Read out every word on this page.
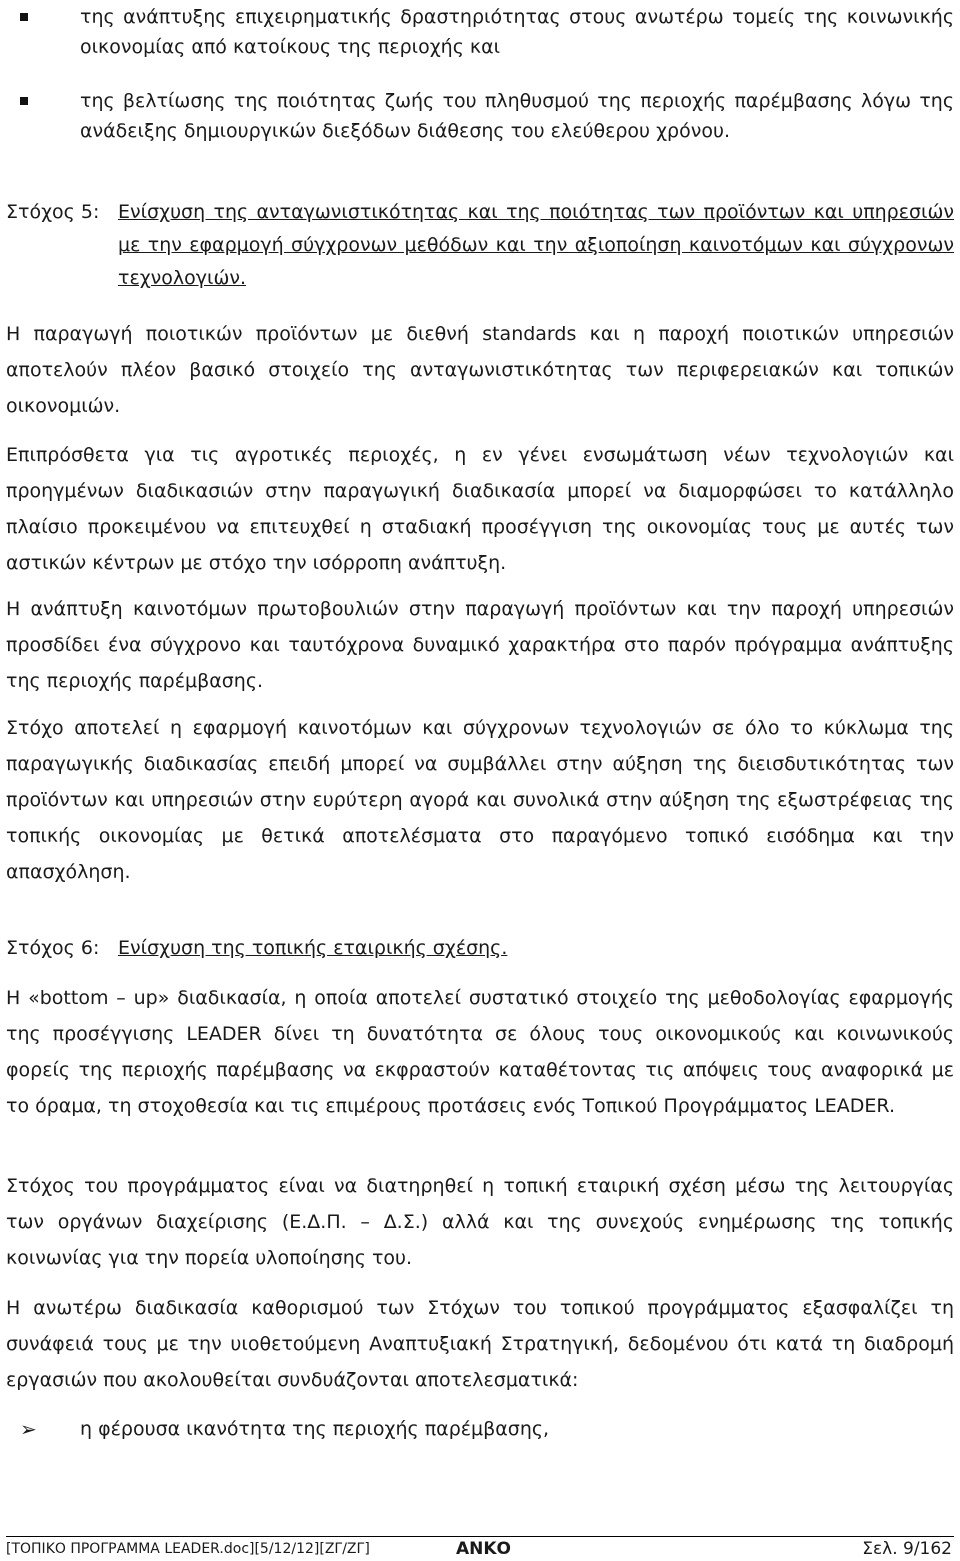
της ανάπτυξης επιχειρηματικής δραστηριότητας στους ανωτέρω τομείς της κοινωνικής οικονομίας από κατοίκους της περιοχής και
της βελτίωσης της ποιότητας ζωής του πληθυσμού της περιοχής παρέμβασης λόγω της ανάδειξης δημιουργικών διεξόδων διάθεσης του ελεύθερου χρόνου.
Στόχος 5: Ενίσχυση της ανταγωνιστικότητας και της ποιότητας των προϊόντων και υπηρεσιών με την εφαρμογή σύγχρονων μεθόδων και την αξιοποίηση καινοτόμων και σύγχρονων τεχνολογιών.
Η παραγωγή ποιοτικών προϊόντων με διεθνή standards και η παροχή ποιοτικών υπηρεσιών αποτελούν πλέον βασικό στοιχείο της ανταγωνιστικότητας των περιφερειακών και τοπικών οικονομιών.
Επιπρόσθετα για τις αγροτικές περιοχές, η εν γένει ενσωμάτωση νέων τεχνολογιών και προηγμένων διαδικασιών στην παραγωγική διαδικασία μπορεί να διαμορφώσει το κατάλληλο πλαίσιο προκειμένου να επιτευχθεί η σταδιακή προσέγγιση της οικονομίας τους με αυτές των αστικών κέντρων με στόχο την ισόρροπη ανάπτυξη.
Η ανάπτυξη καινοτόμων πρωτοβουλιών στην παραγωγή προϊόντων και την παροχή υπηρεσιών προσδίδει ένα σύγχρονο και ταυτόχρονα δυναμικό χαρακτήρα στο παρόν πρόγραμμα ανάπτυξης της περιοχής παρέμβασης.
Στόχο αποτελεί η εφαρμογή καινοτόμων και σύγχρονων τεχνολογιών σε όλο το κύκλωμα της παραγωγικής διαδικασίας επειδή μπορεί να συμβάλλει στην αύξηση της διεισδυτικότητας των προϊόντων και υπηρεσιών στην ευρύτερη αγορά και συνολικά στην αύξηση της εξωστρέφειας της τοπικής οικονομίας με θετικά αποτελέσματα στο παραγόμενο τοπικό εισόδημα και την απασχόληση.
Στόχος 6: Ενίσχυση της τοπικής εταιρικής σχέσης.
Η «bottom – up» διαδικασία, η οποία αποτελεί συστατικό στοιχείο της μεθοδολογίας εφαρμογής της προσέγγισης LEADER δίνει τη δυνατότητα σε όλους τους οικονομικούς και κοινωνικούς φορείς της περιοχής παρέμβασης να εκφραστούν καταθέτοντας τις απόψεις τους αναφορικά με το όραμα, τη στοχοθεσία και τις επιμέρους προτάσεις ενός Τοπικού Προγράμματος LEADER.
Στόχος του προγράμματος είναι να διατηρηθεί η τοπική εταιρική σχέση μέσω της λειτουργίας των οργάνων διαχείρισης (Ε.Δ.Π. – Δ.Σ.) αλλά και της συνεχούς ενημέρωσης της τοπικής κοινωνίας για την πορεία υλοποίησης του.
Η ανωτέρω διαδικασία καθορισμού των Στόχων του τοπικού προγράμματος εξασφαλίζει τη συνάφειά τους με την υιοθετούμενη Αναπτυξιακή Στρατηγική, δεδομένου ότι κατά τη διαδρομή εργασιών που ακολουθείται συνδυάζονται αποτελεσματικά:
➢ η φέρουσα ικανότητα της περιοχής παρέμβασης,
[ΤΟΠΙΚΟ ΠΡΟΓΡΑΜΜΑ LEADER.doc][5/12/12][ΖΓ/ΖΓ]	ΑΝΚΟ	Σελ. 9/162
